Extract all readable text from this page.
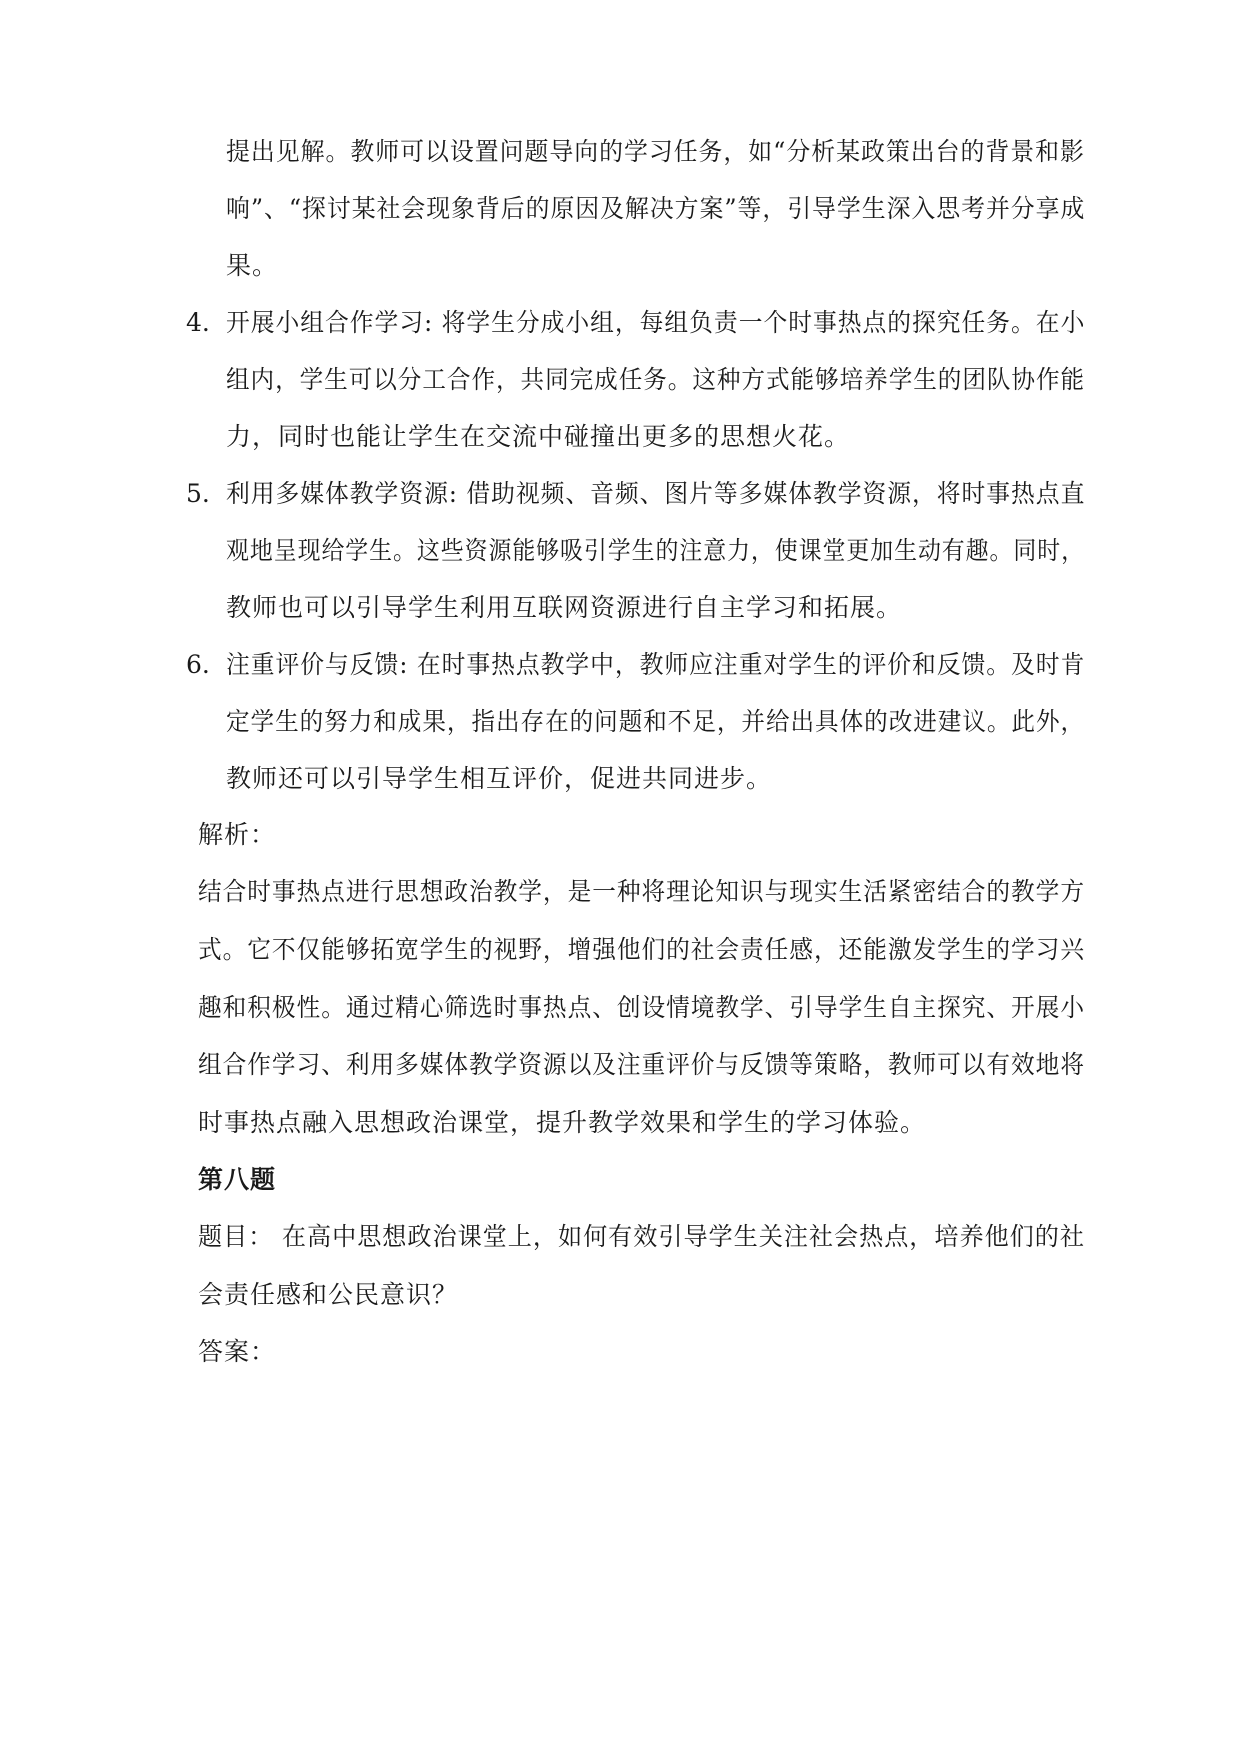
提出见解。教师可以设置问题导向的学习任务，如“分析某政策出台的背景和影
响”、“探讨某社会现象背后的原因及解决方案”等，引导学生深入思考并分享成
果。
4. 开展小组合作学习: 将学生分成小组，每组负责一个时事热点的探究任务。在小
组内，学生可以分工合作，共同完成任务。这种方式能够培养学生的团队协作能
力，同时也能让学生在交流中碰撞出更多的思想火花。
5. 利用多媒体教学资源: 借助视频、音频、图片等多媒体教学资源，将时事热点直
观地呈现给学生。这些资源能够吸引学生的注意力，使课堂更加生动有趣。同时，
教师也可以引导学生利用互联网资源进行自主学习和拓展。
6. 注重评价与反馈: 在时事热点教学中，教师应注重对学生的评价和反馈。及时肯
定学生的努力和成果，指出存在的问题和不足，并给出具体的改进建议。此外，
教师还可以引导学生相互评价，促进共同进步。
解析：
结合时事热点进行思想政治教学，是一种将理论知识与现实生活紧密结合的教学方
式。它不仅能够拓宽学生的视野，增强他们的社会责任感，还能激发学生的学习兴
趣和积极性。通过精心筛选时事热点、创设情境教学、引导学生自主探究、开展小
组合作学习、利用多媒体教学资源以及注重评价与反馈等策略，教师可以有效地将
时事热点融入思想政治课堂，提升教学效果和学生的学习体验。
第八题
题目： 在高中思想政治课堂上，如何有效引导学生关注社会热点，培养他们的社
会责任感和公民意识？
答案：
